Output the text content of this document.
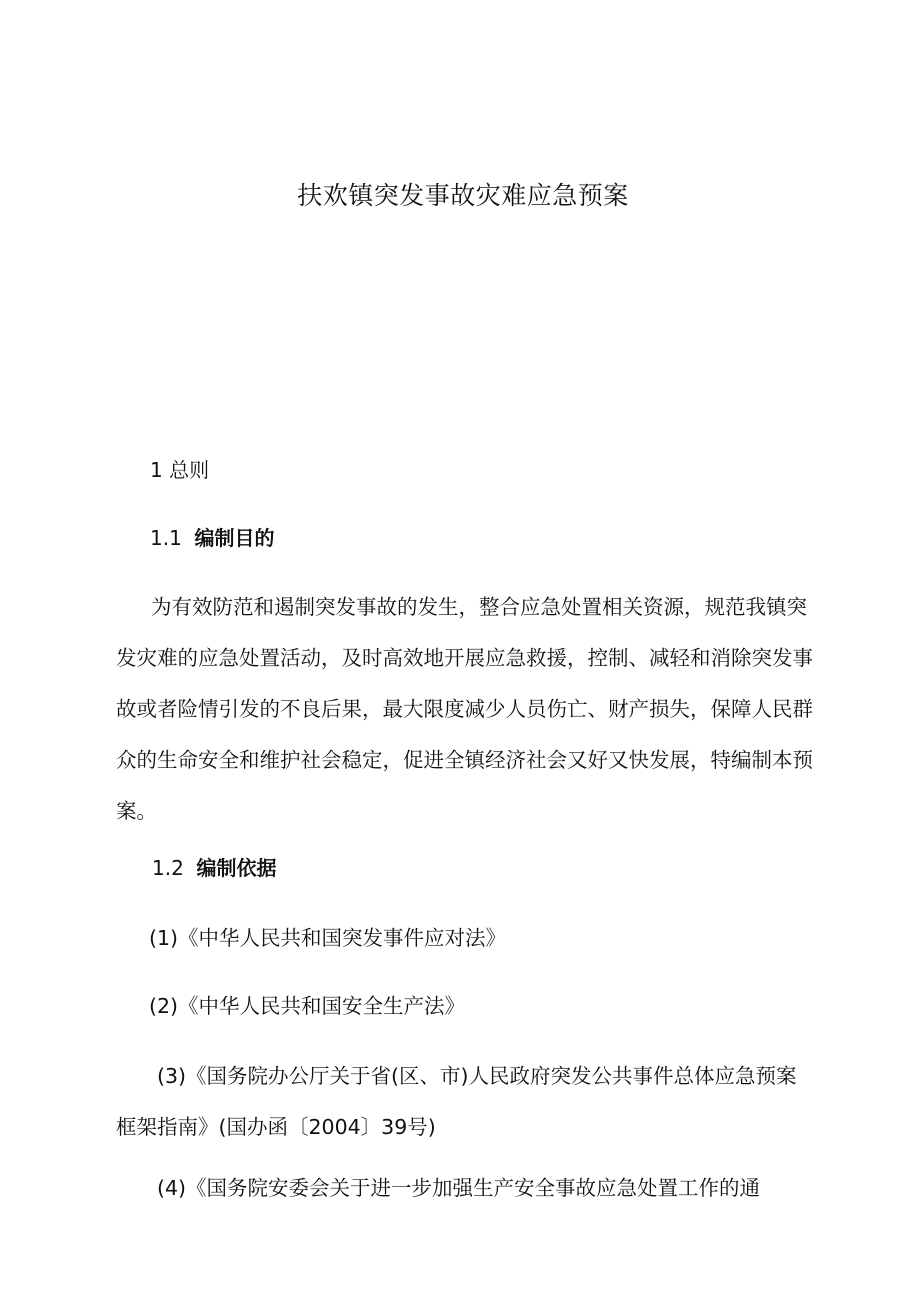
扶欢镇突发事故灾难应急预案
1 总则
1.1 编制目的

为有效防范和遏制突发事故的发生，整合应急处置相关资源，规范我镇突发灾难的应急处置活动，及时高效地开展应急救援，控制、减轻和消除突发事故或者险情引发的不良后果，最大限度减少人员伤亡、财产损失，保障人民群众的生命安全和维护社会稳定，促进全镇经济社会又好又快发展，特编制本预案。

1.2 编制依据

(1)《中华人民共和国突发事件应对法》

(2)《中华人民共和国安全生产法》

(3)《国务院办公厅关于省(区、市)人民政府突发公共事件总体应急预案框架指南》(国办函〔2004〕39号)

(4)《国务院安委会关于进一步加强生产安全事故应急处置工作的通
